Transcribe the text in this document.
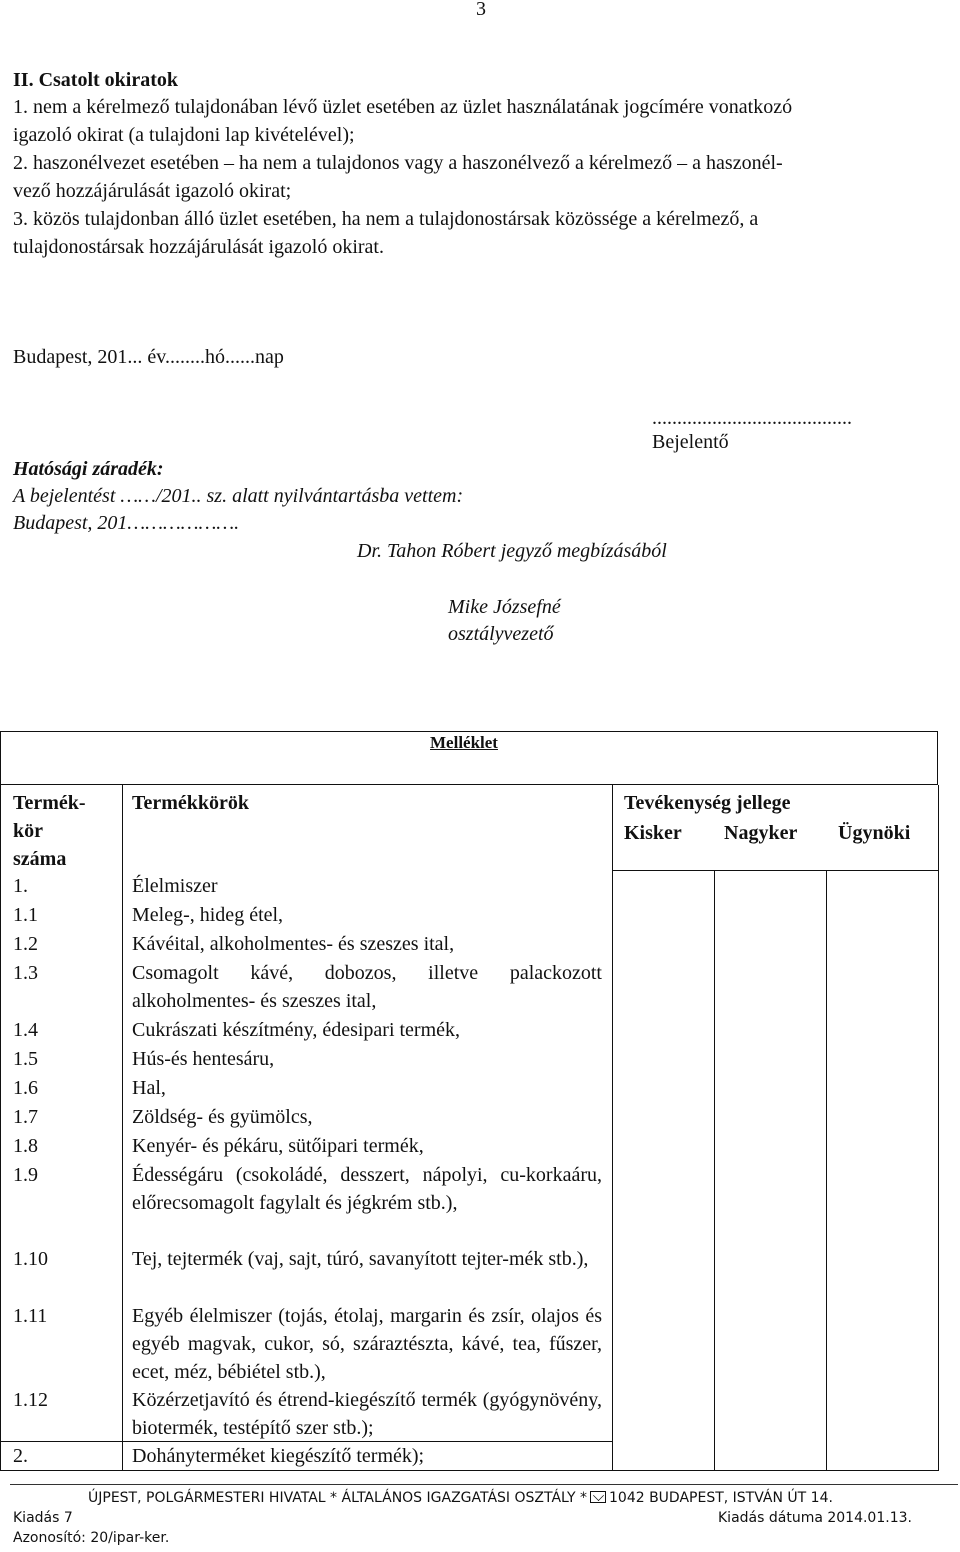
3
II. Csatolt okiratok

1. nem a kérelmező tulajdonában lévő üzlet esetében az üzlet használatának jogcímére vonatkozó

igazoló okirat (a tulajdoni lap kivételével);

2. haszonélvezet esetében – ha nem a tulajdonos vagy a haszonélvező a kérelmező – a haszonél-

vező hozzájárulását igazoló okirat;

3. közös tulajdonban álló üzlet esetében, ha nem a tulajdonostársak közössége a kérelmező, a

tulajdonostársak hozzájárulását igazoló okirat.

Budapest, 201... év........hó......nap
........................................
Bejelentő
Hatósági záradék:
A bejelentést ……/201.. sz. alatt nyilvántartásba vettem:
Budapest, 201……………….
Dr. Tahon Róbert jegyző megbízásából
Mike Józsefné
osztályvezető
Melléklet
Termék-
kör
száma
Termékkörök	Tevékenység jellege
Kisker Nagyker Ügynöki
1.	Élelmiszer
1.1	Meleg-, hideg étel,
1.2	Kávéital, alkoholmentes- és szeszes ital,
1.3	Csomagolt kávé, dobozos, illetve palackozott alkoholmentes- és szeszes ital,
1.4	Cukrászati készítmény, édesipari termék,
1.5	Hús-és hentesáru,
1.6	Hal,
1.7	Zöldség- és gyümölcs,
1.8	Kenyér- és pékáru, sütőipari termék,
1.9	Édességáru (csokoládé, desszert, nápolyi, cu-korkaáru, előrecsomagolt fagylalt és jégkrém stb.),
1.10	Tej, tejtermék (vaj, sajt, túró, savanyított tejter-mék stb.),
1.11	Egyéb élelmiszer (tojás, étolaj, margarin és zsír, olajos és egyéb magvak, cukor, só, száraztészta, kávé, tea, fűszer, ecet, méz, bébiétel stb.),
1.12	Közérzetjavító és étrend-kiegészítő termék (gyógynövény, biotermék, testépítő szer stb.);
2.	Dohányterméket kiegészítő termék);
ÚJPEST, POLGÁRMESTERI HIVATAL * ÁLTALÁNOS IGAZGATÁSI OSZTÁLY * 1042 BUDAPEST, ISTVÁN ÚT 14.
Kiadás 7	Kiadás dátuma 2014.01.13.
Azonosító: 20/ipar-ker.
